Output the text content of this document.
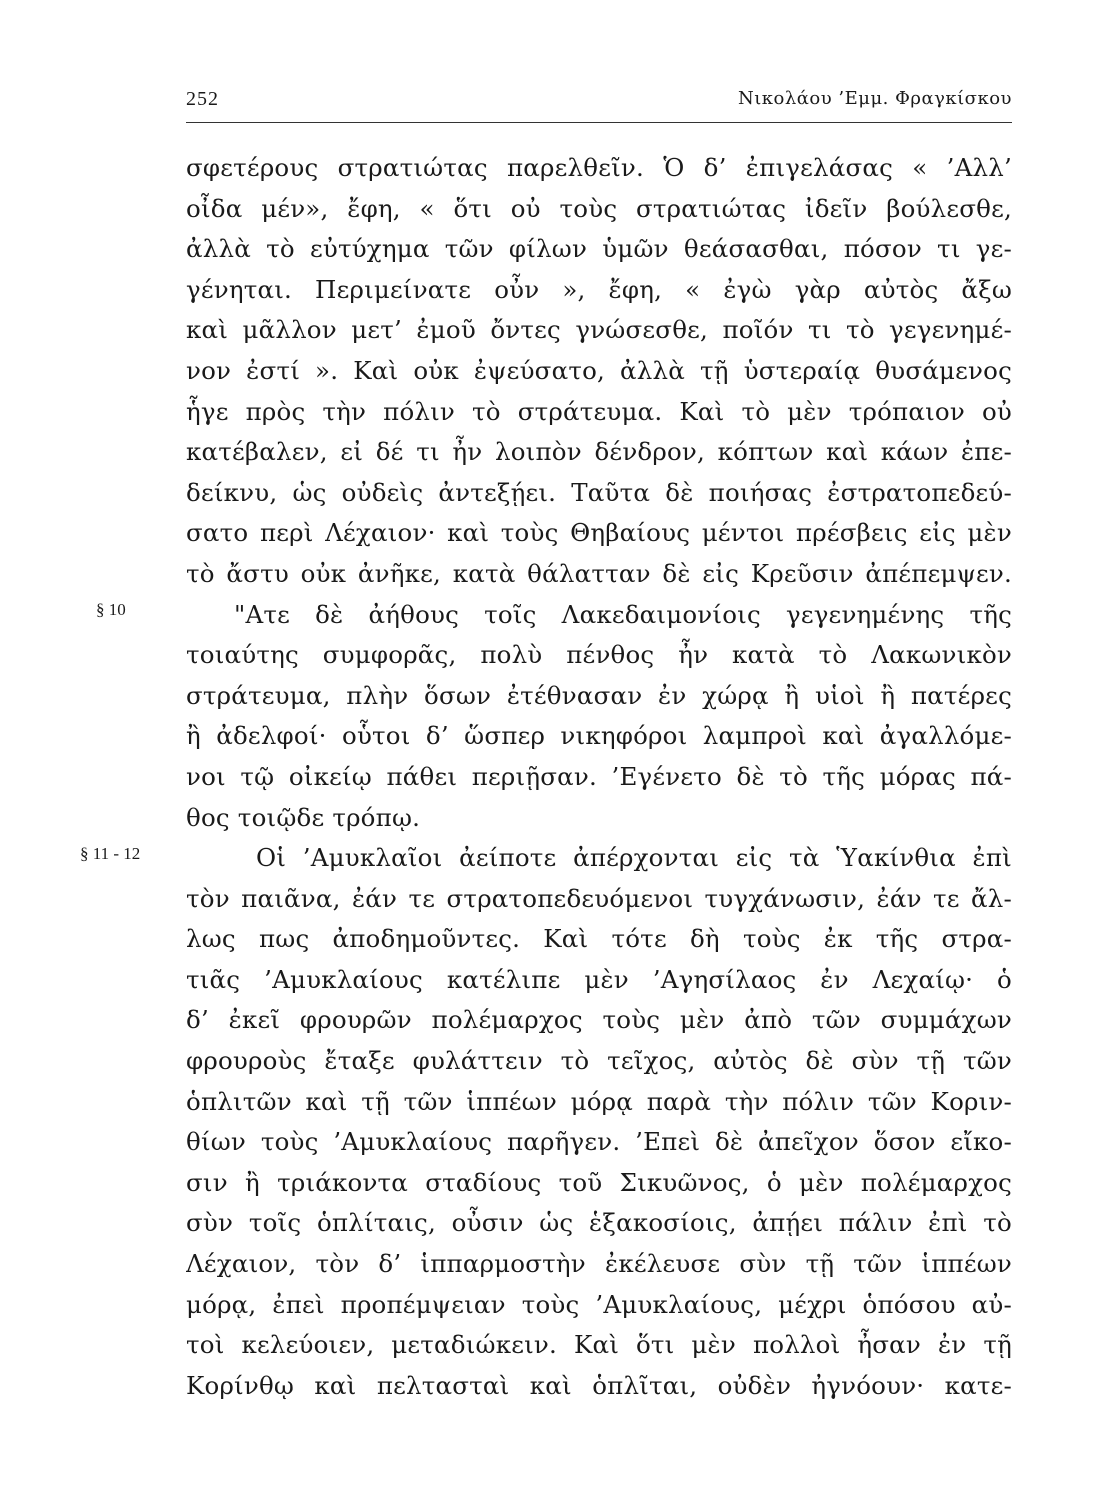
252	Νικολάου ’Εμμ. Φραγκίσκου
§ 10
§ 11 - 12
σφετέρους στρατιώτας παρελθεῖν. Ὁ δ’ ἐπιγελάσας « ’Αλλ’
οἶδα μέν», ἔφη, « ὅτι οὐ τοὺς στρατιώτας ἰδεῖν βούλεσθε,
ἀλλὰ τὸ εὐτύχημα τῶν φίλων ὑμῶν θεάσασθαι, πόσον τι γε-
γένηται. Περιμείνατε οὖν », ἔφη, « ἐγὼ γὰρ αὐτὸς ἄξω
καὶ μᾶλλον μετ’ ἐμοῦ ὄντες γνώσεσθε, ποῖόν τι τὸ γεγενημέ-
νον ἐστί ». Καὶ οὐκ ἐψεύσατο, ἀλλὰ τῇ ὑστεραίᾳ θυσάμενος
ἧγε πρὸς τὴν πόλιν τὸ στράτευμα. Καὶ τὸ μὲν τρόπαιον οὐ
κατέβαλεν, εἰ δέ τι ἦν λοιπὸν δένδρον, κόπτων καὶ κάων ἐπε-
δείκνυ, ὡς οὐδεὶς ἀντεξῄει. Ταῦτα δὲ ποιήσας ἐστρατοπεδεύ-
σατο περὶ Λέχαιον· καὶ τοὺς Θηβαίους μέντοι πρέσβεις εἰς μὲν
τὸ ἄστυ οὐκ ἀνῆκε, κατὰ θάλατταν δὲ εἰς Κρεῦσιν ἀπέπεμψεν.
"Ατε δὲ ἀήθους τοῖς Λακεδαιμονίοις γεγενημένης τῆς
τοιαύτης συμφορᾶς, πολὺ πένθος ἦν κατὰ τὸ Λακωνικὸν
στράτευμα, πλὴν ὅσων ἐτέθνασαν ἐν χώρᾳ ἢ υἱοὶ ἢ πατέρες
ἢ ἀδελφοί· οὗτοι δ’ ὥσπερ νικηφόροι λαμπροὶ καὶ ἀγαλλόμε-
νοι τῷ οἰκείῳ πάθει περιῇσαν. ’Εγένετο δὲ τὸ τῆς μόρας πά-
θος τοιῷδε τρόπῳ.
Οἱ ’Αμυκλαῖοι ἀείποτε ἀπέρχονται εἰς τὰ Ὑακίνθια ἐπὶ
τὸν παιᾶνα, ἐάν τε στρατοπεδευόμενοι τυγχάνωσιν, ἐάν τε ἄλ-
λως πως ἀποδημοῦντες. Καὶ τότε δὴ τοὺς ἐκ τῆς στρα-
τιᾶς ’Αμυκλαίους κατέλιπε μὲν ’Αγησίλαος ἐν Λεχαίῳ· ὁ
δ’ ἐκεῖ φρουρῶν πολέμαρχος τοὺς μὲν ἀπὸ τῶν συμμάχων
φρουροὺς ἔταξε φυλάττειν τὸ τεῖχος, αὐτὸς δὲ σὺν τῇ τῶν
ὁπλιτῶν καὶ τῇ τῶν ἱππέων μόρᾳ παρὰ τὴν πόλιν τῶν Κοριν-
θίων τοὺς ’Αμυκλαίους παρῆγεν. ’Επεὶ δὲ ἀπεῖχον ὅσον εἴκο-
σιν ἢ τριάκοντα σταδίους τοῦ Σικυῶνος, ὁ μὲν πολέμαρχος
σὺν τοῖς ὁπλίταις, οὖσιν ὡς ἑξακοσίοις, ἀπῄει πάλιν ἐπὶ τὸ
Λέχαιον, τὸν δ’ ἱππαρμοστὴν ἐκέλευσε σὺν τῇ τῶν ἱππέων
μόρᾳ, ἐπεὶ προπέμψειαν τοὺς ’Αμυκλαίους, μέχρι ὁπόσου αὐ-
τοὶ κελεύοιεν, μεταδιώκειν. Καὶ ὅτι μὲν πολλοὶ ἦσαν ἐν τῇ
Κορίνθῳ καὶ πελτασταὶ καὶ ὁπλῖται, οὐδὲν ἠγνόουν· κατε-
